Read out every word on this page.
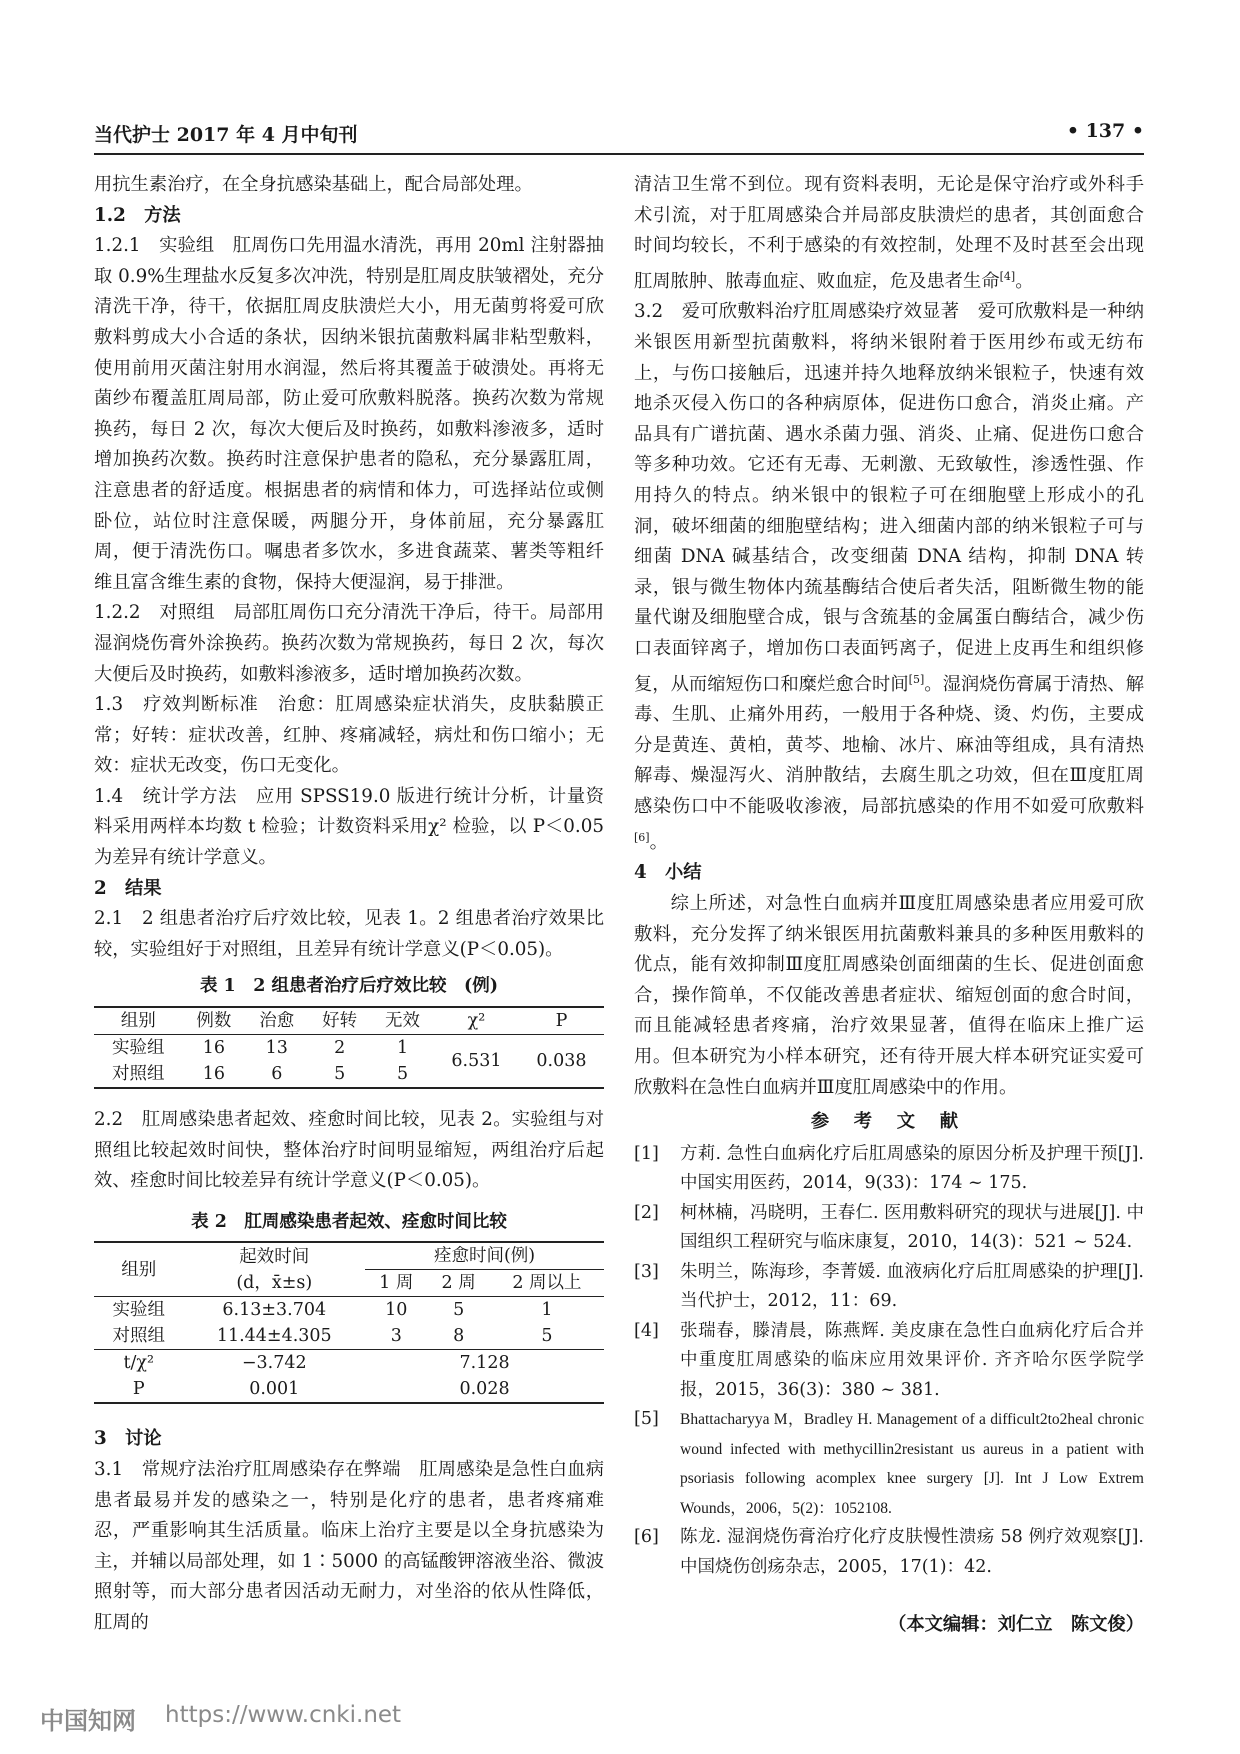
当代护士 2017 年 4 月中旬刊	• 137 •

用抗生素治疗，在全身抗感染基础上，配合局部处理。

1.2　方法

1.2.1　实验组　肛周伤口先用温水清洗，再用 20ml 注射器抽取 0.9%生理盐水反复多次冲洗，特别是肛周皮肤皱褶处，充分清洗干净，待干，依据肛周皮肤溃烂大小，用无菌剪将爱可欣敷料剪成大小合适的条状，因纳米银抗菌敷料属非粘型敷料，使用前用灭菌注射用水润湿，然后将其覆盖于破溃处。再将无菌纱布覆盖肛周局部，防止爱可欣敷料脱落。换药次数为常规换药，每日 2 次，每次大便后及时换药，如敷料渗液多，适时增加换药次数。换药时注意保护患者的隐私，充分暴露肛周，注意患者的舒适度。根据患者的病情和体力，可选择站位或侧卧位，站位时注意保暖，两腿分开，身体前屈，充分暴露肛周，便于清洗伤口。嘱患者多饮水，多进食蔬菜、薯类等粗纤维且富含维生素的食物，保持大便湿润，易于排泄。

1.2.2　对照组　局部肛周伤口充分清洗干净后，待干。局部用湿润烧伤膏外涂换药。换药次数为常规换药，每日 2 次，每次大便后及时换药，如敷料渗液多，适时增加换药次数。

1.3　疗效判断标准　治愈：肛周感染症状消失，皮肤黏膜正常；好转：症状改善，红肿、疼痛减轻，病灶和伤口缩小；无效：症状无改变，伤口无变化。

1.4　统计学方法　应用 SPSS19.0 版进行统计分析，计量资料采用两样本均数 t 检验；计数资料采用χ² 检验，以 P＜0.05为差异有统计学意义。

2　结果

2.1　2 组患者治疗后疗效比较，见表 1。2 组患者治疗效果比较，实验组好于对照组，且差异有统计学意义(P＜0.05)。

表 1　2 组患者治疗后疗效比较　(例)
组别	例数	治愈	好转	无效	χ²	P
实验组	16	13	2	1	6.531	0.038
对照组	16	6	5	5		

2.2　肛周感染患者起效、痊愈时间比较，见表 2。实验组与对照组比较起效时间快，整体治疗时间明显缩短，两组治疗后起效、痊愈时间比较差异有统计学意义(P＜0.05)。

表 2　肛周感染患者起效、痊愈时间比较
组别	起效时间	痊愈时间(例)		
	(d，x̄±s)	1 周	2 周	2 周以上
实验组	6.13±3.704	10	5	1
对照组	11.44±4.305	3	8	5
t/χ²	−3.742	7.128		
P	0.001	0.028		

3　讨论

3.1　常规疗法治疗肛周感染存在弊端　肛周感染是急性白血病患者最易并发的感染之一，特别是化疗的患者，患者疼痛难忍，严重影响其生活质量。临床上治疗主要是以全身抗感染为主，并辅以局部处理，如 1∶5000 的高锰酸钾溶液坐浴、微波照射等，而大部分患者因活动无耐力，对坐浴的依从性降低，肛周的

清洁卫生常不到位。现有资料表明，无论是保守治疗或外科手术引流，对于肛周感染合并局部皮肤溃烂的患者，其创面愈合时间均较长，不利于感染的有效控制，处理不及时甚至会出现肛周脓肿、脓毒血症、败血症，危及患者生命[4]。

3.2　爱可欣敷料治疗肛周感染疗效显著　爱可欣敷料是一种纳米银医用新型抗菌敷料，将纳米银附着于医用纱布或无纺布上，与伤口接触后，迅速并持久地释放纳米银粒子，快速有效地杀灭侵入伤口的各种病原体，促进伤口愈合，消炎止痛。产品具有广谱抗菌、遇水杀菌力强、消炎、止痛、促进伤口愈合等多种功效。它还有无毒、无刺激、无致敏性，渗透性强、作用持久的特点。纳米银中的银粒子可在细胞壁上形成小的孔洞，破坏细菌的细胞壁结构；进入细菌内部的纳米银粒子可与细菌 DNA 碱基结合，改变细菌 DNA 结构，抑制 DNA 转录，银与微生物体内巯基酶结合使后者失活，阻断微生物的能量代谢及细胞壁合成，银与含巯基的金属蛋白酶结合，减少伤口表面锌离子，增加伤口表面钙离子，促进上皮再生和组织修复，从而缩短伤口和糜烂愈合时间[5]。湿润烧伤膏属于清热、解毒、生肌、止痛外用药，一般用于各种烧、烫、灼伤，主要成分是黄连、黄柏，黄芩、地榆、冰片、麻油等组成，具有清热解毒、燥湿泻火、消肿散结，去腐生肌之功效，但在Ⅲ度肛周感染伤口中不能吸收渗液，局部抗感染的作用不如爱可欣敷料[6]。

4　小结

综上所述，对急性白血病并Ⅲ度肛周感染患者应用爱可欣敷料，充分发挥了纳米银医用抗菌敷料兼具的多种医用敷料的优点，能有效抑制Ⅲ度肛周感染创面细菌的生长、促进创面愈合，操作简单，不仅能改善患者症状、缩短创面的愈合时间，而且能减轻患者疼痛，治疗效果显著，值得在临床上推广运用。但本研究为小样本研究，还有待开展大样本研究证实爱可欣敷料在急性白血病并Ⅲ度肛周感染中的作用。

参 考 文 献
[1]	方莉. 急性白血病化疗后肛周感染的原因分析及护理干预[J]. 中国实用医药，2014，9(33)：174 ~ 175.
[2]	柯林楠，冯晓明，王春仁. 医用敷料研究的现状与进展[J]. 中国组织工程研究与临床康复，2010，14(3)：521 ~ 524.
[3]	朱明兰，陈海珍，李菁媛. 血液病化疗后肛周感染的护理[J]. 当代护士，2012，11：69.
[4]	张瑞春，滕清晨，陈燕辉. 美皮康在急性白血病化疗后合并中重度肛周感染的临床应用效果评价. 齐齐哈尔医学院学报，2015，36(3)：380 ~ 381.
[5]	Bhattacharyya M，Bradley H. Management of a difficult2to2heal chronic wound infected with methycillin2resistant us aureus in a patient with psoriasis following acomplex knee surgery [J]. Int J Low Extrem Wounds，2006，5(2)：1052108.
[6]	陈龙. 湿润烧伤膏治疗化疗皮肤慢性溃疡 58 例疗效观察[J]. 中国烧伤创疡杂志，2005，17(1)：42.
（本文编辑：刘仁立　陈文俊）
中国知网 https://www.cnki.net
